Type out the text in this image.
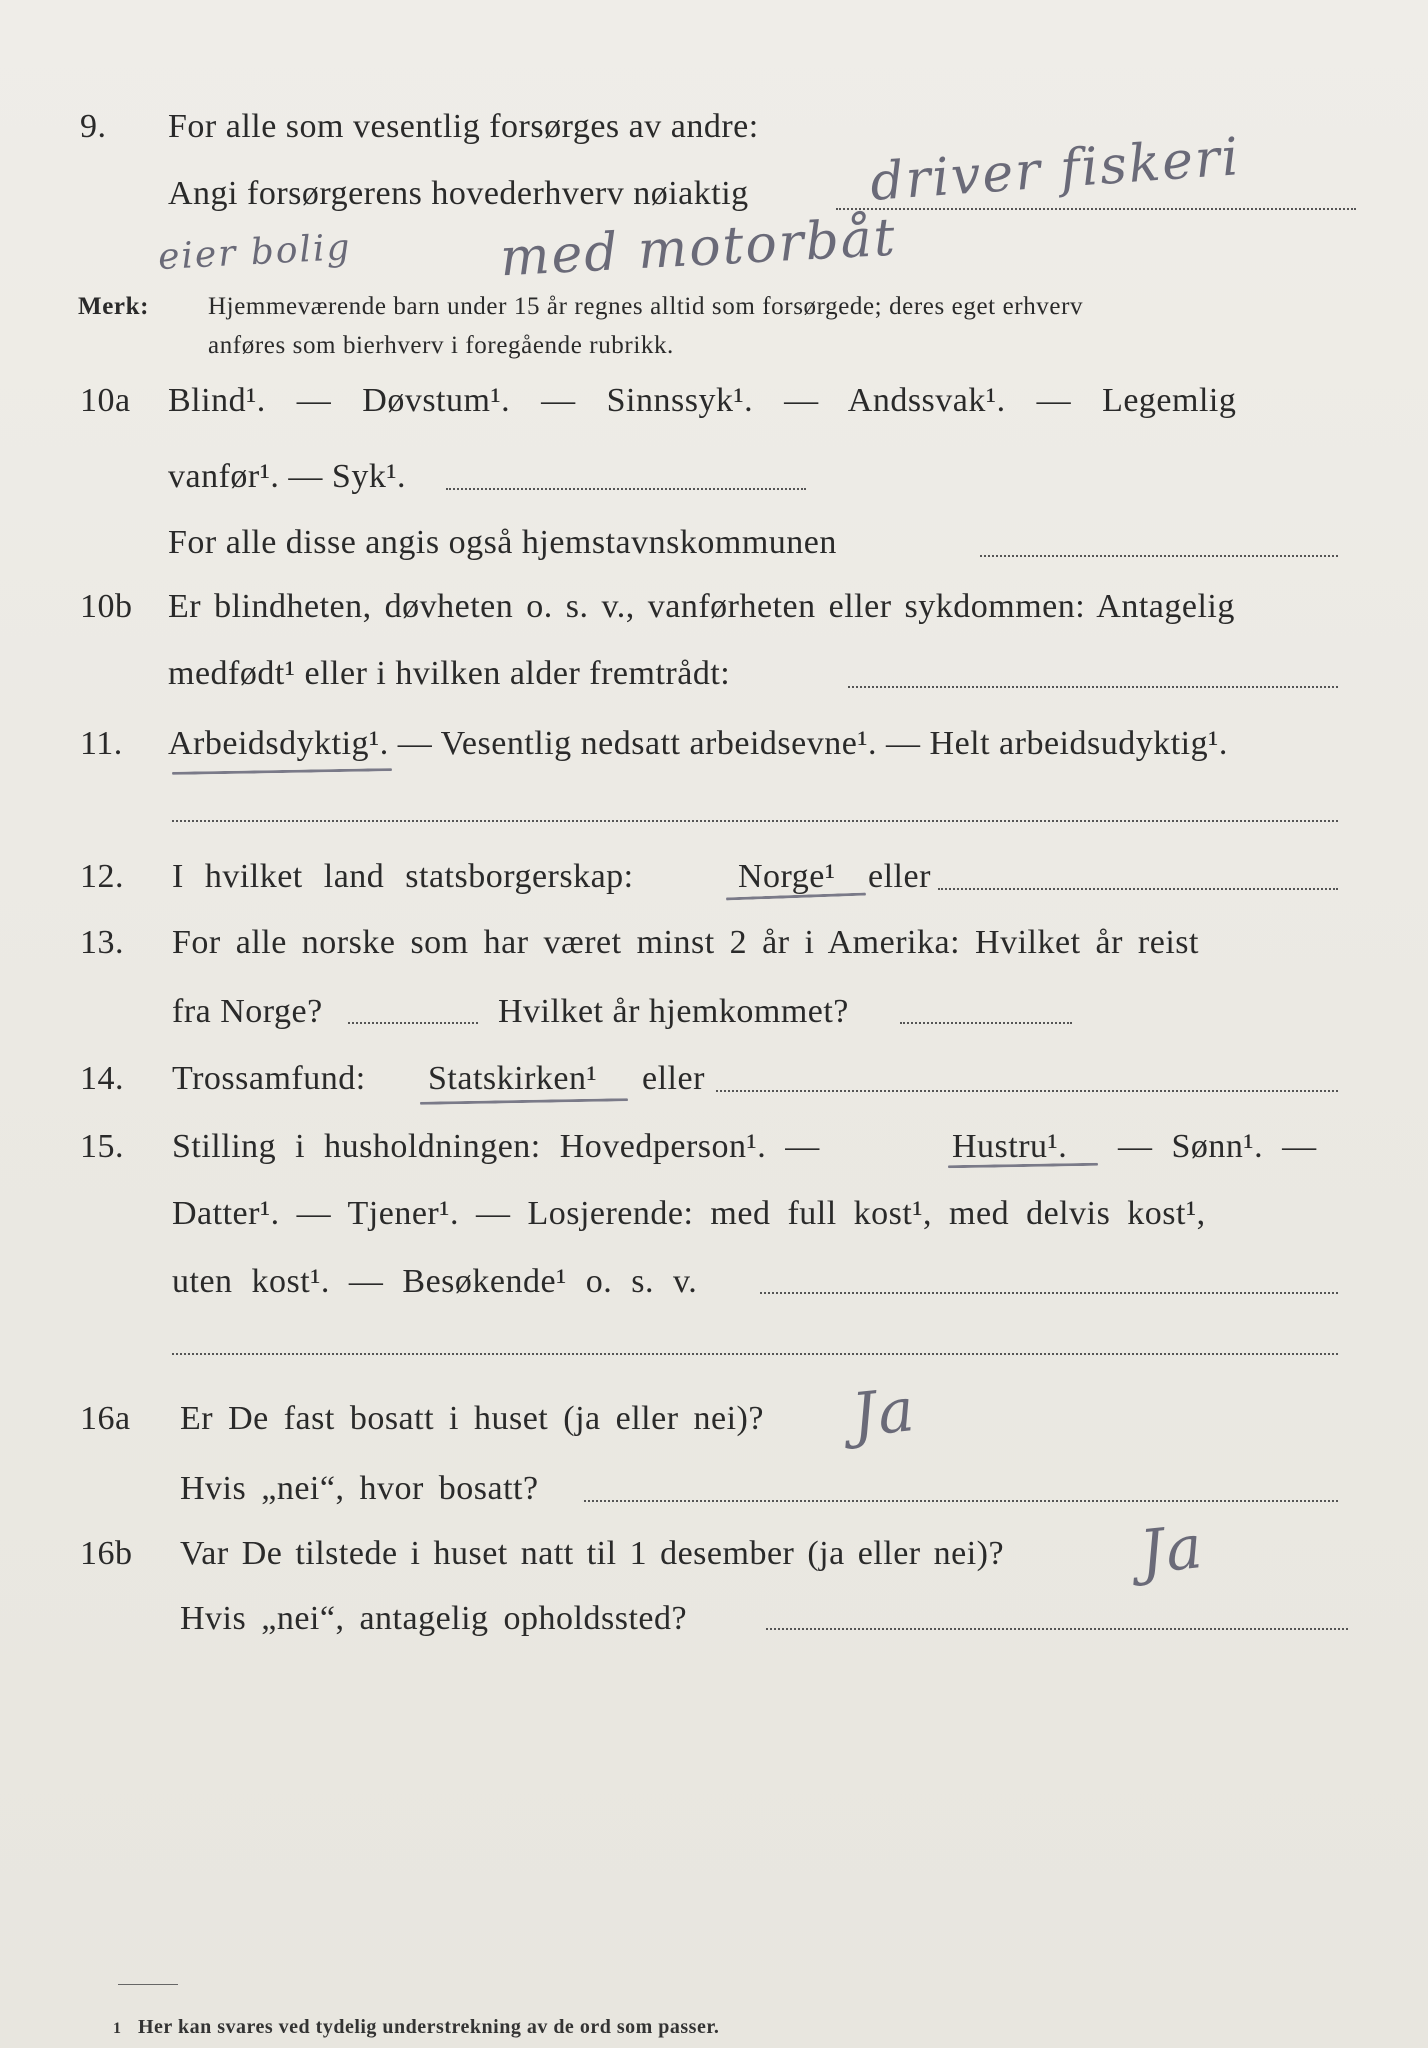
9. For alle som vesentlig forsørges av andre:
Angi forsørgerens hovederhverv nøiaktig driver fiskeri
eier bolig	med motorbåt
Merk: Hjemmeværende barn under 15 år regnes alltid som forsørgede; deres eget erhverv
anføres som bierhverv i foregående rubrikk.
10a Blind¹. — Døvstum¹. — Sinnssyk¹. — Andssvak¹. — Legemlig
vanfør¹. — Syk¹.
For alle disse angis også hjemstavnskommunen
10b Er blindheten, døvheten o. s. v., vanførheten eller sykdommen: Antagelig
medfødt¹ eller i hvilken alder fremtrådt:
11. Arbeidsdyktig¹. — Vesentlig nedsatt arbeidsevne¹. — Helt arbeidsudyktig¹.
12. I hvilket land statsborgerskap:	Norge¹ eller
13. For alle norske som har været minst 2 år i Amerika: Hvilket år reist
fra Norge?	Hvilket år hjemkommet?
14. Trossamfund: Statskirken¹ eller
15. Stilling i husholdningen: Hovedperson¹. —	Hustru¹. — Sønn¹. —
Datter¹. — Tjener¹. — Losjerende: med full kost¹, med delvis kost¹,
uten kost¹. — Besøkende¹ o. s. v.
16a Er De fast bosatt i huset (ja eller nei)? Ja
Hvis „nei“, hvor bosatt?
16b Var De tilstede i huset natt til 1 desember (ja eller nei)? Ja
Hvis „nei“, antagelig opholdssted?
1 Her kan svares ved tydelig understrekning av de ord som passer.
